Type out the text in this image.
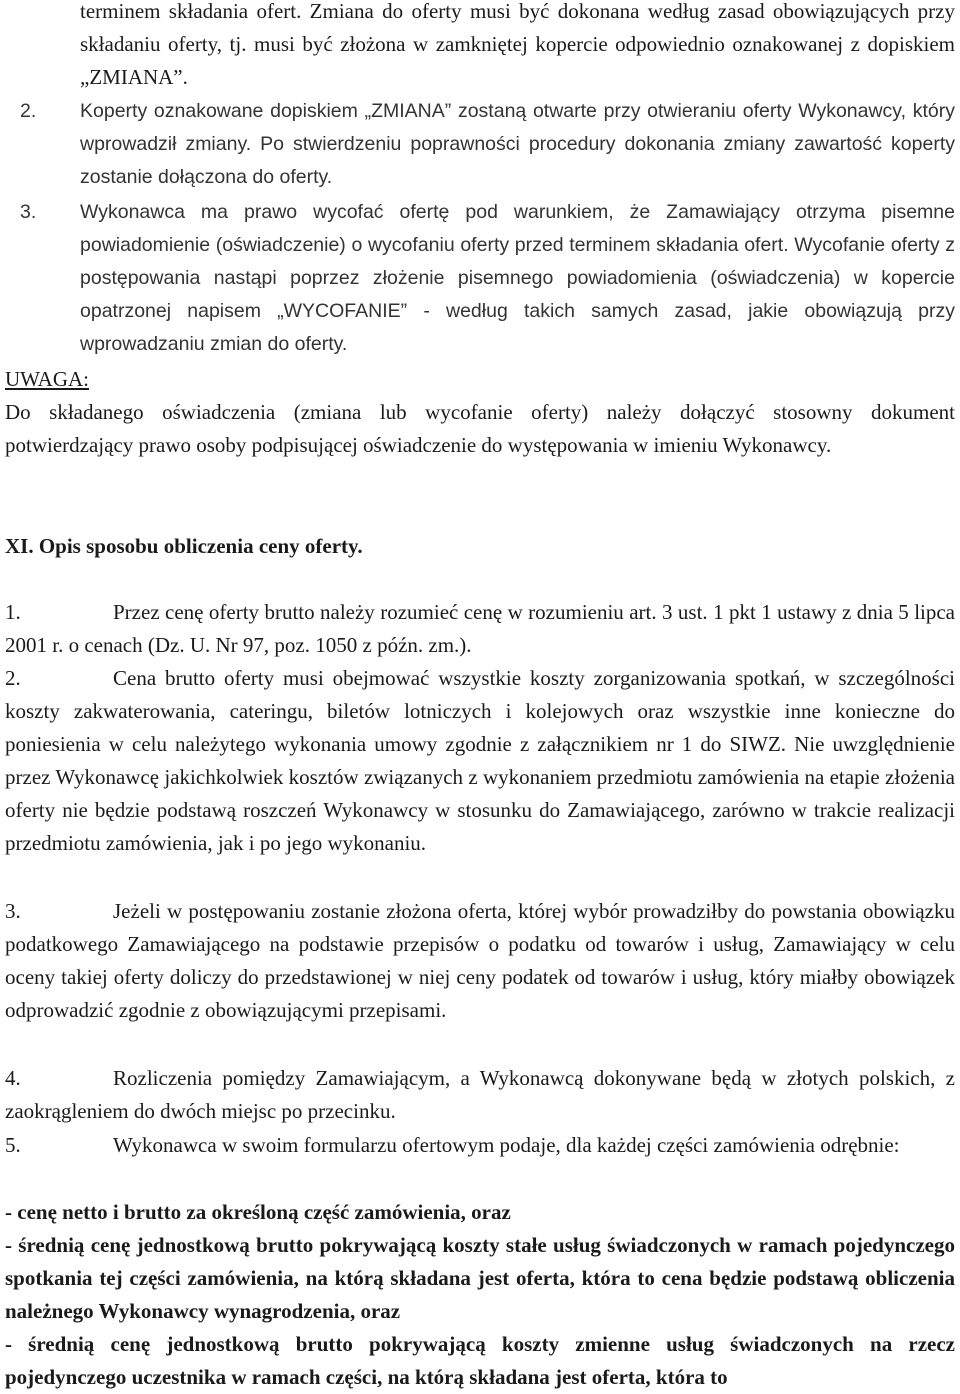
terminem składania ofert. Zmiana do oferty musi być dokonana według zasad obowiązujących przy składaniu oferty, tj. musi być złożona w zamkniętej kopercie odpowiednio oznakowanej z dopiskiem „ZMIANA”.

2. Koperty oznakowane dopiskiem „ZMIANA” zostaną otwarte przy otwieraniu oferty Wykonawcy, który wprowadził zmiany. Po stwierdzeniu poprawności procedury dokonania zmiany zawartość koperty zostanie dołączona do oferty.

3. Wykonawca ma prawo wycofać ofertę pod warunkiem, że Zamawiający otrzyma pisemne powiadomienie (oświadczenie) o wycofaniu oferty przed terminem składania ofert. Wycofanie oferty z postępowania nastąpi poprzez złożenie pisemnego powiadomienia (oświadczenia) w kopercie opatrzonej napisem „WYCOFANIE” - według takich samych zasad, jakie obowiązują przy wprowadzaniu zmian do oferty.

UWAGA:

Do składanego oświadczenia (zmiana lub wycofanie oferty) należy dołączyć stosowny dokument potwierdzający prawo osoby podpisującej oświadczenie do występowania w imieniu Wykonawcy.

XI. Opis sposobu obliczenia ceny oferty.

1.	Przez cenę oferty brutto należy rozumieć cenę w rozumieniu art. 3 ust. 1 pkt 1 ustawy z dnia 5 lipca 2001 r. o cenach (Dz. U. Nr 97, poz. 1050 z późn. zm.).

2.	Cena brutto oferty musi obejmować wszystkie koszty zorganizowania spotkań, w szczególności koszty zakwaterowania, cateringu, biletów lotniczych i kolejowych oraz wszystkie inne konieczne do poniesienia w celu należytego wykonania umowy zgodnie z załącznikiem nr 1 do SIWZ. Nie uwzględnienie przez Wykonawcę jakichkolwiek kosztów związanych z wykonaniem przedmiotu zamówienia na etapie złożenia oferty nie będzie podstawą roszczeń Wykonawcy w stosunku do Zamawiającego, zarówno w trakcie realizacji przedmiotu zamówienia, jak i po jego wykonaniu.

3.	Jeżeli w postępowaniu zostanie złożona oferta, której wybór prowadziłby do powstania obowiązku podatkowego Zamawiającego na podstawie przepisów o podatku od towarów i usług, Zamawiający w celu oceny takiej oferty doliczy do przedstawionej w niej ceny podatek od towarów i usług, który miałby obowiązek odprowadzić zgodnie z obowiązującymi przepisami.

4.	Rozliczenia pomiędzy Zamawiającym, a Wykonawcą dokonywane będą w złotych polskich, z zaokrągleniem do dwóch miejsc po przecinku.

5.	Wykonawca w swoim formularzu ofertowym podaje, dla każdej części zamówienia odrębnie:

- cenę netto i brutto za określoną część zamówienia, oraz

- średnią cenę jednostkową brutto pokrywającą koszty stałe usług świadczonych w ramach pojedynczego spotkania tej części zamówienia, na którą składana jest oferta, która to cena będzie podstawą obliczenia należnego Wykonawcy wynagrodzenia, oraz

- średnią cenę jednostkową brutto pokrywającą koszty zmienne usług świadczonych na rzecz pojedynczego uczestnika w ramach części, na którą składana jest oferta, która to
